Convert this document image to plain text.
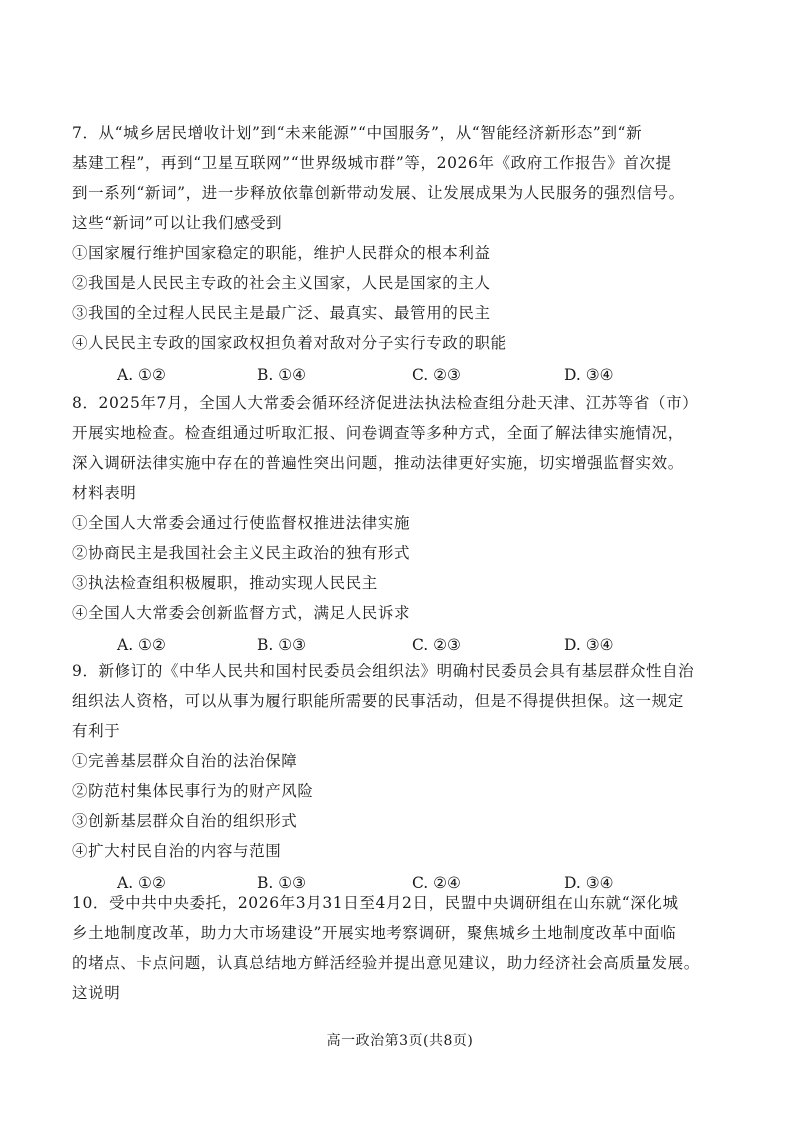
7．从“城乡居民增收计划”到“未来能源”“中国服务”，从“智能经济新形态”到“新
基建工程”，再到“卫星互联网”“世界级城市群”等，2026年《政府工作报告》首次提
到一系列“新词”，进一步释放依靠创新带动发展、让发展成果为人民服务的强烈信号。
这些“新词”可以让我们感受到
①国家履行维护国家稳定的职能，维护人民群众的根本利益
②我国是人民民主专政的社会主义国家，人民是国家的主人
③我国的全过程人民民主是最广泛、最真实、最管用的民主
④人民民主专政的国家政权担负着对敌对分子实行专政的职能
A. ①②	B. ①④	C. ②③	D. ③④
8．2025年7月，全国人大常委会循环经济促进法执法检查组分赴天津、江苏等省（市）
开展实地检查。检查组通过听取汇报、问卷调查等多种方式，全面了解法律实施情况，
深入调研法律实施中存在的普遍性突出问题，推动法律更好实施，切实增强监督实效。
材料表明
①全国人大常委会通过行使监督权推进法律实施
②协商民主是我国社会主义民主政治的独有形式
③执法检查组积极履职，推动实现人民民主
④全国人大常委会创新监督方式，满足人民诉求
A. ①②	B. ①③	C. ②③	D. ③④
9．新修订的《中华人民共和国村民委员会组织法》明确村民委员会具有基层群众性自治
组织法人资格，可以从事为履行职能所需要的民事活动，但是不得提供担保。这一规定
有利于
①完善基层群众自治的法治保障
②防范村集体民事行为的财产风险
③创新基层群众自治的组织形式
④扩大村民自治的内容与范围
A. ①②	B. ①③	C. ②④	D. ③④
10．受中共中央委托，2026年3月31日至4月2日，民盟中央调研组在山东就“深化城
乡土地制度改革，助力大市场建设”开展实地考察调研，聚焦城乡土地制度改革中面临
的堵点、卡点问题，认真总结地方鲜活经验并提出意见建议，助力经济社会高质量发展。
这说明
高一政治第3页(共8页)
